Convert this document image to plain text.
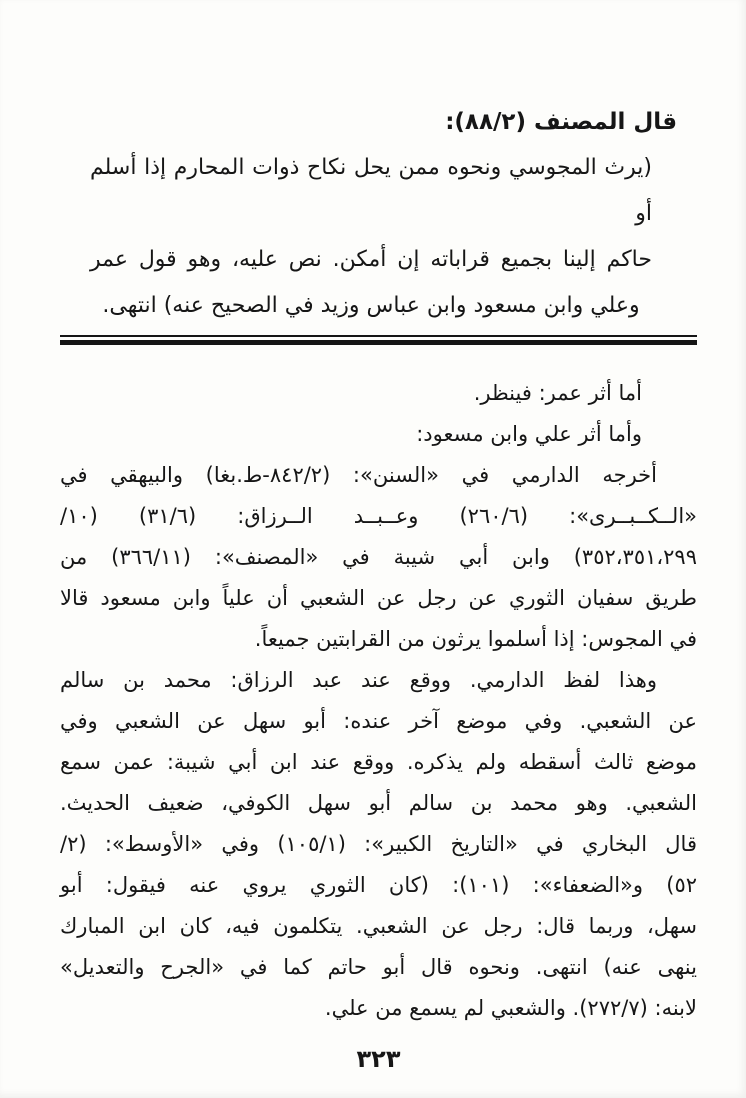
قال المصنف (٨٨/٢):
(يرث المجوسي ونحوه ممن يحل نكاح ذوات المحارم إذا أسلم أو
حاكم إلينا بجميع قراباته إن أمكن. نص عليه، وهو قول عمر
وعلي وابن مسعود وابن عباس وزيد في الصحيح عنه) انتهى.
أما أثر عمر: فينظر.
وأما أثر علي وابن مسعود:
أخرجه الدارمي في «السنن»: (٨٤٢/٢-ط.بغا) والبيهقي في
«الــكــبــرى»: (٢٦٠/٦) وعــبــد الــرزاق: (٣١/٦) (١٠/
٣٥٢،٣٥١،٢٩٩) وابن أبي شيبة في «المصنف»: (٣٦٦/١١) من
طريق سفيان الثوري عن رجل عن الشعبي أن علياً وابن مسعود قالا
في المجوس: إذا أسلموا يرثون من القرابتين جميعاً.
وهذا لفظ الدارمي. ووقع عند عبد الرزاق: محمد بن سالم
عن الشعبي. وفي موضع آخر عنده: أبو سهل عن الشعبي وفي
موضع ثالث أسقطه ولم يذكره. ووقع عند ابن أبي شيبة: عمن سمع
الشعبي. وهو محمد بن سالم أبو سهل الكوفي، ضعيف الحديث.
قال البخاري في «التاريخ الكبير»: (١٠٥/١) وفي «الأوسط»: (٢/
٥٢) و«الضعفاء»: (١٠١): (كان الثوري يروي عنه فيقول: أبو
سهل، وربما قال: رجل عن الشعبي. يتكلمون فيه، كان ابن المبارك
ينهى عنه) انتهى. ونحوه قال أبو حاتم كما في «الجرح والتعديل»
لابنه: (٢٧٢/٧). والشعبي لم يسمع من علي.
٣٢٣
